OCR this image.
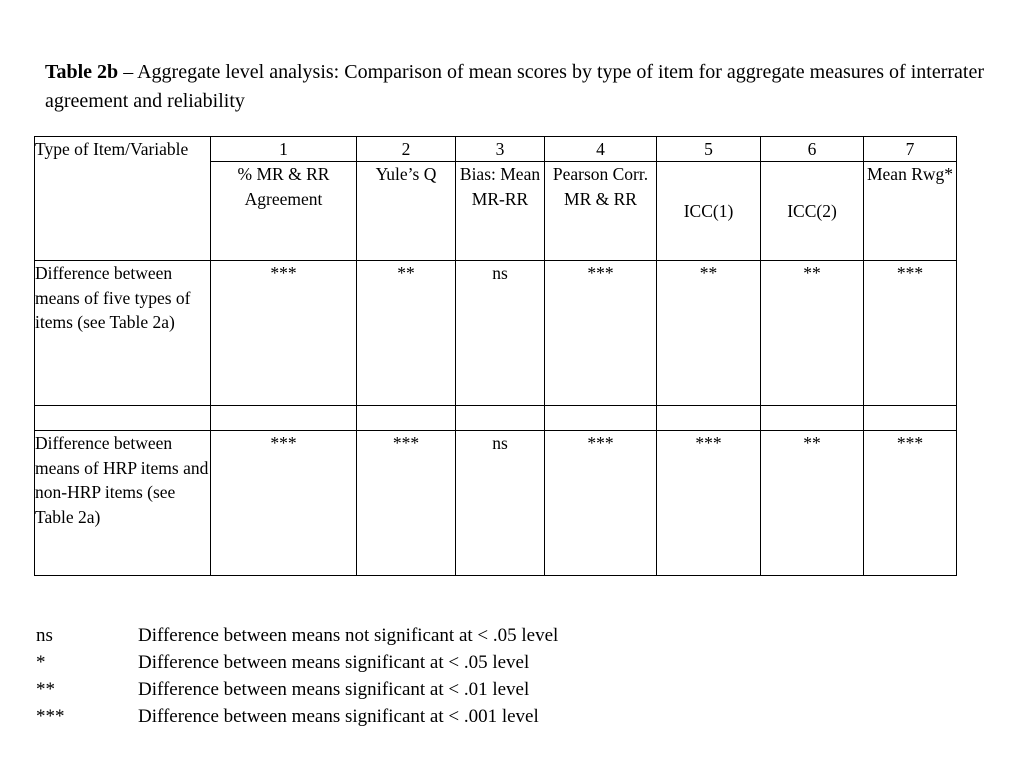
Table 2b – Aggregate level analysis: Comparison of mean scores by type of item for aggregate measures of interrater agreement and reliability
Type of Item/Variable	1	2	3	4	5	6	7
	% MR & RR Agreement	Yule’s Q	Bias: Mean MR-RR	Pearson Corr. MR & RR	ICC(1)	ICC(2)	Mean Rwg*
Difference between means of five types of items (see Table 2a)	***	**	ns	***	**	**	***

Difference between means of HRP items and non-HRP items (see Table 2a)	***	***	ns	***	***	**	***
ns	Difference between means not significant at < .05 level
*	Difference between means significant at < .05 level
**	Difference between means significant at < .01 level
***	Difference between means significant at < .001 level
